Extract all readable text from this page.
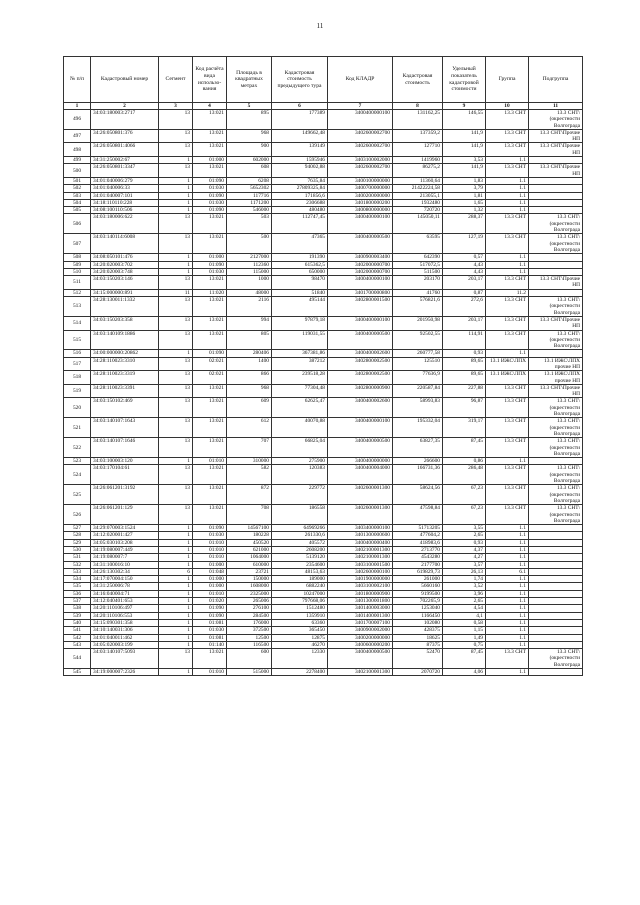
11
№ п/п	Кадастровый номер	Сегмент	Код расчёта вида использо-вания	Площадь в квадратных метрах	Кадастровая стоимость предыдущего тура	Код КЛАДР	Кадастровая стоимость	Удельный показатель кадастровой стоимости	Группа	Подгруппа
1	2	3	4	5	6	7	8	9	10	11
496	34:03:180003:2717	13	13:021	895	177389	3400400000100	131162,25	146,55	13.3 СНТ	13.3 СНТ\(окрестности Волгограда
497	34:26:050801:376	13	13:021	968	149662,48	3402600002700	137359,2	141,9	13.3 СНТ	13.3 СНТ\Прочие НП
498	34:26:050801:4066	13	13:021	900	139149	3402600002700	127710	141,9	13.3 СНТ	13.3 СНТ\Прочие НП
499	34:31:250002:67	1	01:000	602000	1595946	3403100002000	1419960	3,53	1.1	
500	34:26:050801:3347	13	13:021	608	94002,88	3402600002700	86275,2	141,9	13.3 СНТ	13.3 СНТ\Прочие НП
501	34:01:040006:279	1	01:090	6208	7635,84	3400100000000	11360,64	1,83	1.1	
502	34:01:040006:33	1	01:030	5652302	27809325,84	3400700000000	21422224,58	3,79	1.1	
503	34:01:040007:101	1	01:090	117716	171856,6	3400200000000	213055,1	1,81	1.1	
504	34:18:110110:228	1	01:030	1171200	2306688	3401800000200	1932480	1,65	1.1	
505	34:08:100110:506	1	01:090	546000	480480	3400800000000	720720	1,32	1.1	
506	34:03:180006:622	13	13:021	503	112747,45	3400400000100	145050,11	288,37	13.3 СНТ	13.3 СНТ\(окрестности Волгограда
507	34:03:140114:6008	13	13:021	500	47365	3400400000500	63595	127,19	13.3 СНТ	13.3 СНТ\(окрестности Волгограда
508	34:08:050101:476	1	01:000	2127000	191390	3400900003400	642390	0,57	1.1	
509	34:20:020003:702	1	01:090	112360	615362,5	3402000000700	517072,5	4,43	1.1	
510	34:20:020003:748	1	01:030	115000	650000	3402000000700	511500	4,43	1.1	
511	34:03:150203:146	13	13:021	1000	98470	3400400000100	203170	203,17	13.3 СНТ	13.3 СНТ\Прочие НП
512	34:15:000000:891	11	11:020	48000	51840	3401700000800	41760	0,87	11.2	
513	34:28:130011:1332	13	13:021	2116	495144	3402800001500	576821,6	272,6	13.3 СНТ	13.3 СНТ\(окрестности Волгограда
514	34:03:150203:358	13	13:021	994	97879,18	3400400000100	201950,98	203,17	13.3 СНТ	13.3 СНТ\Прочие НП
515	34:03:140109:1886	13	13:021	805	119031,55	3400400000500	92502,55	114,91	13.3 СНТ	13.3 СНТ\(окрестности Волгограда
516	34:00:000000:20862	1	01:090	280406	367381,86	3400400002600	260777,58	0,93	1.1	
517	34:28:110023:3310	13	02:021	1400	387212	3402800002500	125510	89,65	13.1 ИЖС\ЛПХ	13.1 ИЖС\ЛПХ прочие НП
518	34:28:110023:3319	13	02:021	866	239518,28	3402800002500	77636,9	89,65	13.1 ИЖС\ЛПХ	13.1 ИЖС\ЛПХ прочие НП
519	34:28:110023:3391	13	13:021	968	77304,48	3402800000900	220587,84	227,88	13.3 СНТ	13.3 СНТ\Прочие НП
520	34:03:150102:469	13	13:021	609	62625,47	3400400002600	58993,83	96,87	13.3 СНТ	13.3 СНТ\(окрестности Волгограда
521	34:03:140107:1643	13	13:021	612	40070,88	3400400000100	195332,04	319,17	13.3 СНТ	13.3 СНТ\(окрестности Волгограда
522	34:03:140107:1646	13	13:021	707	66825,04	3400400000500	63827,35	87,45	13.3 СНТ	13.3 СНТ\(окрестности Волгограда
523	34:03:100003:120	1	01:010	310000	275900	3400400000000	266600	0,86	1.1	
524	34:03:170104:61	13	13:021	582	120383	3400400004000	166731,36	286,48	13.3 СНТ	13.3 СНТ\(окрестности Волгограда
525	34:26:061201:3192	13	13:021	872	229772	3402600001300	58624,56	67,23	13.3 СНТ	13.3 СНТ\(окрестности Волгограда
526	34:26:061201:129	13	13:021	708	186558	3402600001300	47598,84	67,23	13.3 СНТ	13.3 СНТ\(окрестности Волгограда
527	34:29:070003:1524	1	01:090	14567100	64969266	3403400000100	51713205	3,55	1.1	
528	34:12:020001:427	1	01:030	180228	261330,6	3401300000600	477604,2	2,65	1.1	
529	34:05:030103:208	1	01:010	450520	405572	3400400000400	418983,6	0,93	1.1	
530	34:19:080007:449	1	01:010	621000	2608200	3402100001300	2713770	4,37	1.1	
531	34:19:080007:7	1	01:010	1064000	5139120	3402100001300	4543280	4,27	1.1	
532	34:31:100016:10	1	01:000	610000	2354600	3403100001500	2177700	3,57	1.1	
533	34:26:130302:34	6	01:048	23721	48153,63	3402600000100	619829,73	26,13	6.1	
534	34:17:070004:150	1	01:000	150000	189000	3401900000000	261000	1,74	1.1	
535	34:31:250006:78	1	01:000	1608000	6882240	3403100002100	5660160	3,52	1.1	
536	34:16:040004:71	1	01:010	2325000	10247000	3401800000900	9199500	3,96	1.1	
537	34:12:040401:653	1	01:020	265006	797668,06	3401300001800	702265,9	2,65	1.1	
538	34:20:110106:497	1	01:090	276100	1512480	3401400003000	1253040	4,54	1.1	
539	34:20:110106:553	1	01:090	284500	1359910	3401400001300	1166450	4,1	1.1	
540	34:15:090301:358	1	01:081	176000	63360	3401700007100	102080	0,58	1.1	
541	34:10:140031:306	1	01:030	372500	365450	3400900002000	428375	1,15	1.1	
542	34:01:040011:462	1	01:081	12500	12875	3400200000000	18625	1,49	1.1	
543	34:05:020003:199	1	01:140	116500	46270	3400600000200	87375	0,75	1.1	
544	34:03:140107:5093	13	13:021	600	12330	3400400000500	52470	87,45	13.3 СНТ	13.3 СНТ\(окрестности Волгограда
545	34:19:000007:2326	1	01:010	515000	2278400	3402100001300	2070720	4,06	1.1	
